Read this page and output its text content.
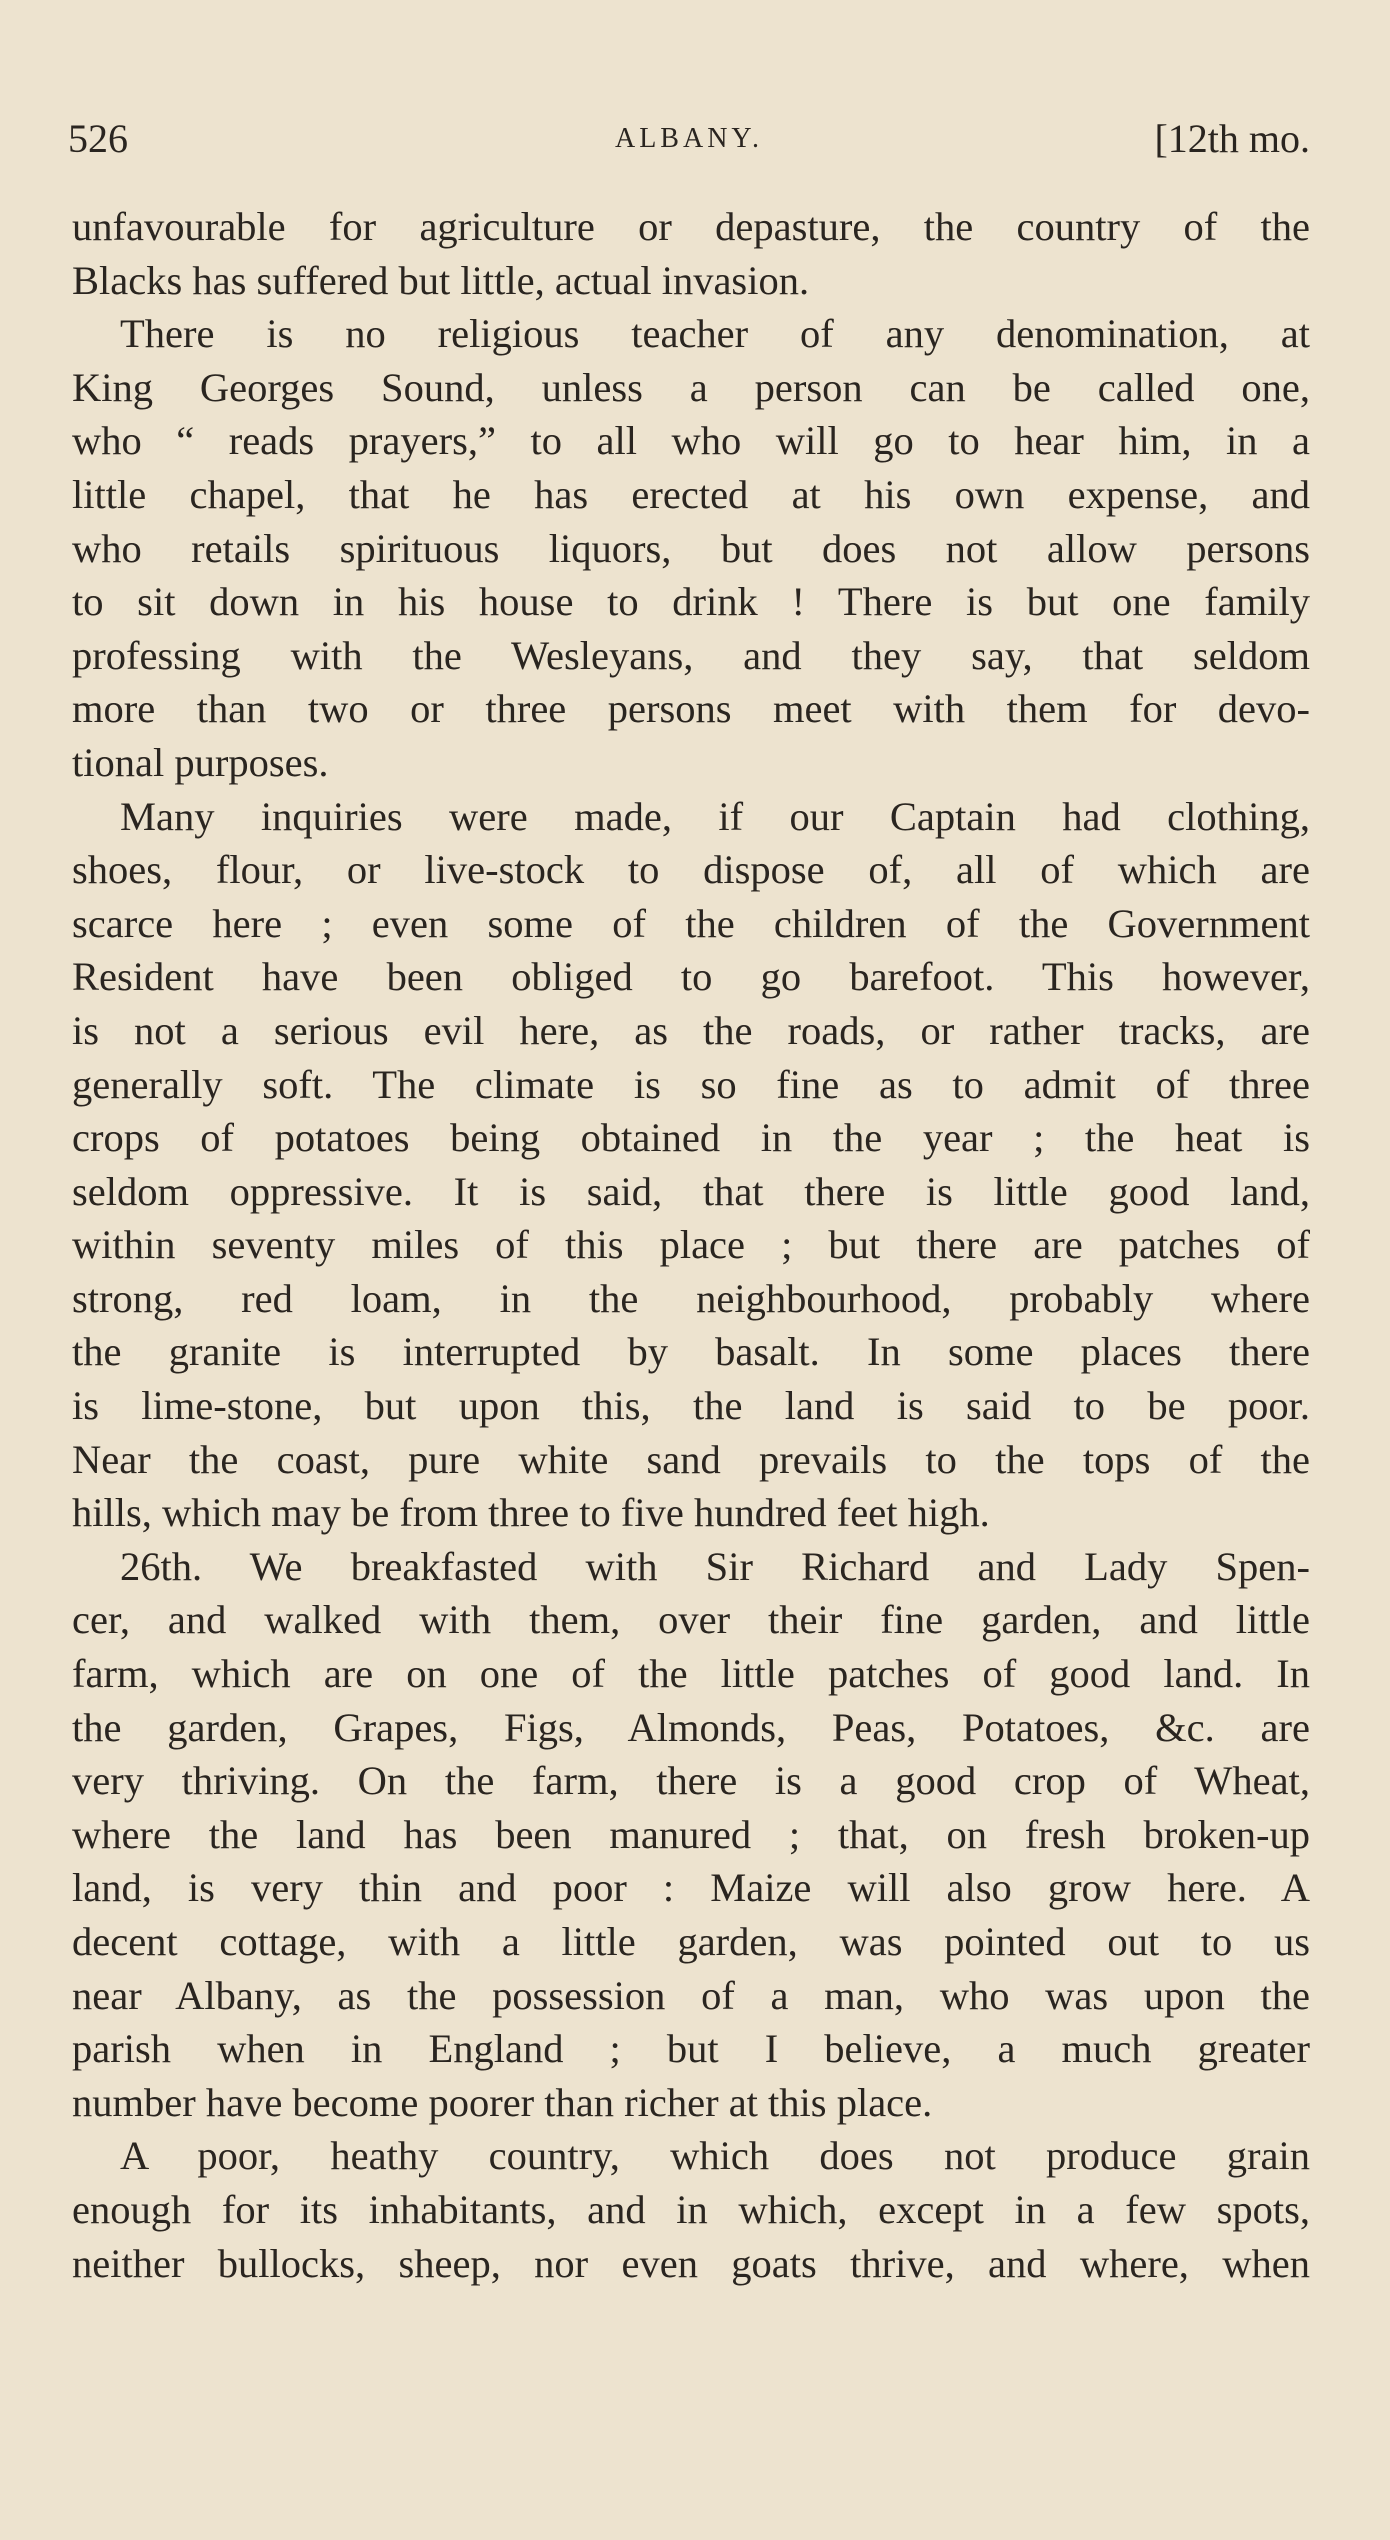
526	ALBANY.	[12th mo.
unfavourable for agriculture or depasture, the country of the
Blacks has suffered but little, actual invasion.
There is no religious teacher of any denomination, at
King Georges Sound, unless a person can be called one,
who “ reads prayers,” to all who will go to hear him, in a
little chapel, that he has erected at his own expense, and
who retails spirituous liquors, but does not allow persons
to sit down in his house to drink ! There is but one family
professing with the Wesleyans, and they say, that seldom
more than two or three persons meet with them for devo-
tional purposes.
Many inquiries were made, if our Captain had clothing,
shoes, flour, or live-stock to dispose of, all of which are
scarce here ; even some of the children of the Government
Resident have been obliged to go barefoot. This however,
is not a serious evil here, as the roads, or rather tracks, are
generally soft. The climate is so fine as to admit of three
crops of potatoes being obtained in the year ; the heat is
seldom oppressive. It is said, that there is little good land,
within seventy miles of this place ; but there are patches of
strong, red loam, in the neighbourhood, probably where
the granite is interrupted by basalt. In some places there
is lime-stone, but upon this, the land is said to be poor.
Near the coast, pure white sand prevails to the tops of the
hills, which may be from three to five hundred feet high.
26th. We breakfasted with Sir Richard and Lady Spen-
cer, and walked with them, over their fine garden, and little
farm, which are on one of the little patches of good land. In
the garden, Grapes, Figs, Almonds, Peas, Potatoes, &c. are
very thriving. On the farm, there is a good crop of Wheat,
where the land has been manured ; that, on fresh broken-up
land, is very thin and poor : Maize will also grow here. A
decent cottage, with a little garden, was pointed out to us
near Albany, as the possession of a man, who was upon the
parish when in England ; but I believe, a much greater
number have become poorer than richer at this place.
A poor, heathy country, which does not produce grain
enough for its inhabitants, and in which, except in a few spots,
neither bullocks, sheep, nor even goats thrive, and where, when
